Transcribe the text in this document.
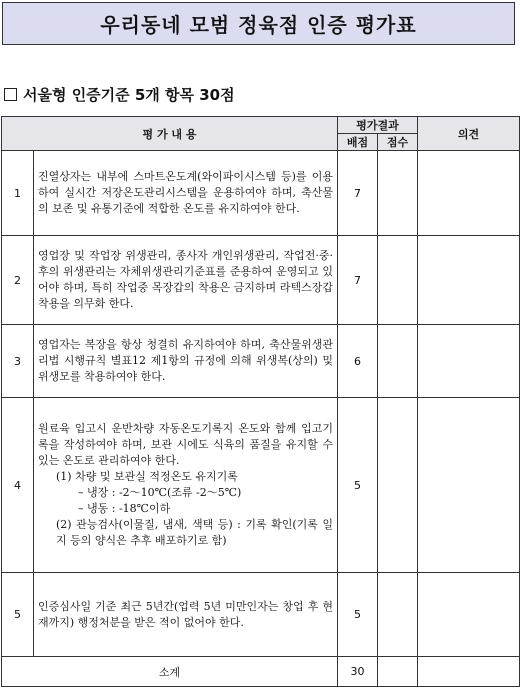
우리동네 모범 정육점 인증 평가표
서울형 인증기준 5개 항목 30점
평 가 내 용		평가결과		의견
		배점	점수	
1	진열상자는 내부에 스마트온도계(와이파이시스템 등)를 이용하여 실시간 저장온도관리시스템을 운용하여야 하며, 축산물의 보존 및 유통기준에 적합한 온도를 유지하여야 한다.	7		
2	영업장 및 작업장 위생관리, 종사자 개인위생관리, 작업전·중·후의 위생관리는 자체위생관리기준표를 준용하여 운영되고 있어야 하며, 특히 작업중 목장갑의 착용은 금지하며 라텍스장갑 착용을 의무화 한다.	7		
3	영업자는 복장을 항상 청결히 유지하여야 하며, 축산물위생관리법 시행규칙 별표12 제1항의 규정에 의해 위생복(상의) 및 위생모를 착용하여야 한다.	6		
4	원료육 입고시 운반차량 자동온도기록지 온도와 함께 입고기록을 작성하여야 하며, 보관 시에도 식육의 품질을 유지할 수 있는 온도로 관리하여야 한다.
(1) 차량 및 보관실 적정온도 유지기록
– 냉장 : -2～10℃(조류 -2～5℃)
– 냉동 : -18℃이하
(2) 관능검사(이물질, 냄새, 색택 등) : 기록 확인(기록 일지 등의 양식은 추후 배포하기로 함)	5		
5	인증심사일 기준 최근 5년간(업력 5년 미만인자는 창업 후 현재까지) 행정처분을 받은 적이 없어야 한다.	5		
소계		30		
